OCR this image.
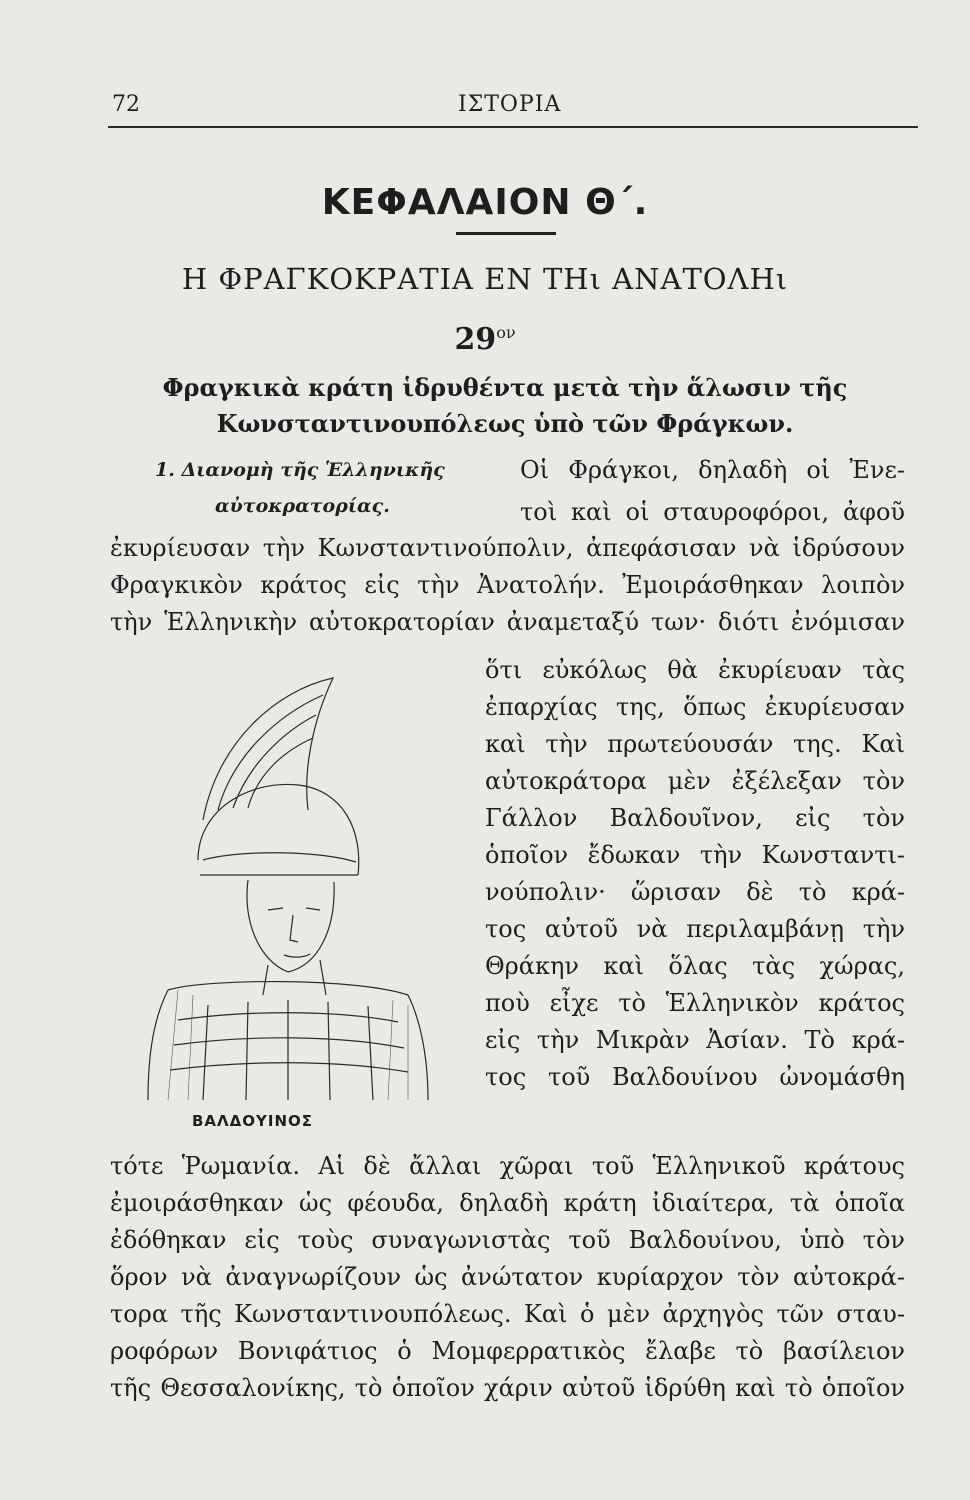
72	ΙΣΤΟΡΙΑ
ΚΕΦΑΛΑΙΟΝ Θ΄.
Η ΦΡΑΓΚΟΚΡΑΤΙΑ ΕΝ ΤΗι ΑΝΑΤΟΛΗι
$29^{o\nu}$
Φραγκικὰ κράτη ἱδρυθέντα μετὰ τὴν ἅλωσιν τῆς
Κωνσταντινουπόλεως ὑπὸ τῶν Φράγκων.
1. Διανομὴ τῆς Ἑλληνικῆς
αὐτοκρατορίας.
Οἱ Φράγκοι, δηλαδὴ οἱ Ἐνε-
τοὶ καὶ οἱ σταυροφόροι, ἀφοῦ
ἐκυρίευσαν τὴν Κωνσταντινούπολιν, ἀπεφάσισαν νὰ ἱδρύσουν
Φραγκικὸν κράτος εἰς τὴν Ἀνατολήν. Ἐμοιράσθηκαν λοιπὸν
τὴν Ἑλληνικὴν αὐτοκρατορίαν ἀναμεταξύ των· διότι ἐνόμισαν
ὅτι εὐκόλως θὰ ἐκυρίευαν τὰς
ἐπαρχίας της, ὅπως ἐκυρίευσαν
καὶ τὴν πρωτεύουσάν της. Καὶ
αὐτοκράτορα μὲν ἐξέλεξαν τὸν
Γάλλον Βαλδουῖνον, εἰς τὸν
ὁποῖον ἔδωκαν τὴν Κωνσταντι-
νούπολιν· ὥρισαν δὲ τὸ κρά-
τος αὐτοῦ νὰ περιλαμβάνῃ τὴν
Θράκην καὶ ὅλας τὰς χώρας,
ποὺ εἶχε τὸ Ἑλληνικὸν κράτος
εἰς τὴν Μικρὰν Ἀσίαν. Τὸ κρά-
τος τοῦ Βαλδουίνου ὠνομάσθη
ΒΑΛΔΟΥΙΝΟΣ
τότε Ῥωμανία. Αἱ δὲ ἄλλαι χῶραι τοῦ Ἑλληνικοῦ κράτους
ἐμοιράσθηκαν ὡς φέουδα, δηλαδὴ κράτη ἰδιαίτερα, τὰ ὁποῖα
ἐδόθηκαν εἰς τοὺς συναγωνιστὰς τοῦ Βαλδουίνου, ὑπὸ τὸν
ὅρον νὰ ἀναγνωρίζουν ὡς ἀνώτατον κυρίαρχον τὸν αὐτοκρά-
τορα τῆς Κωνσταντινουπόλεως. Καὶ ὁ μὲν ἀρχηγὸς τῶν σταυ-
ροφόρων Βονιφάτιος ὁ Μομφερρατικὸς ἔλαβε τὸ βασίλειον
τῆς Θεσσαλονίκης, τὸ ὁποῖον χάριν αὐτοῦ ἱδρύθη καὶ τὸ ὁποῖον
